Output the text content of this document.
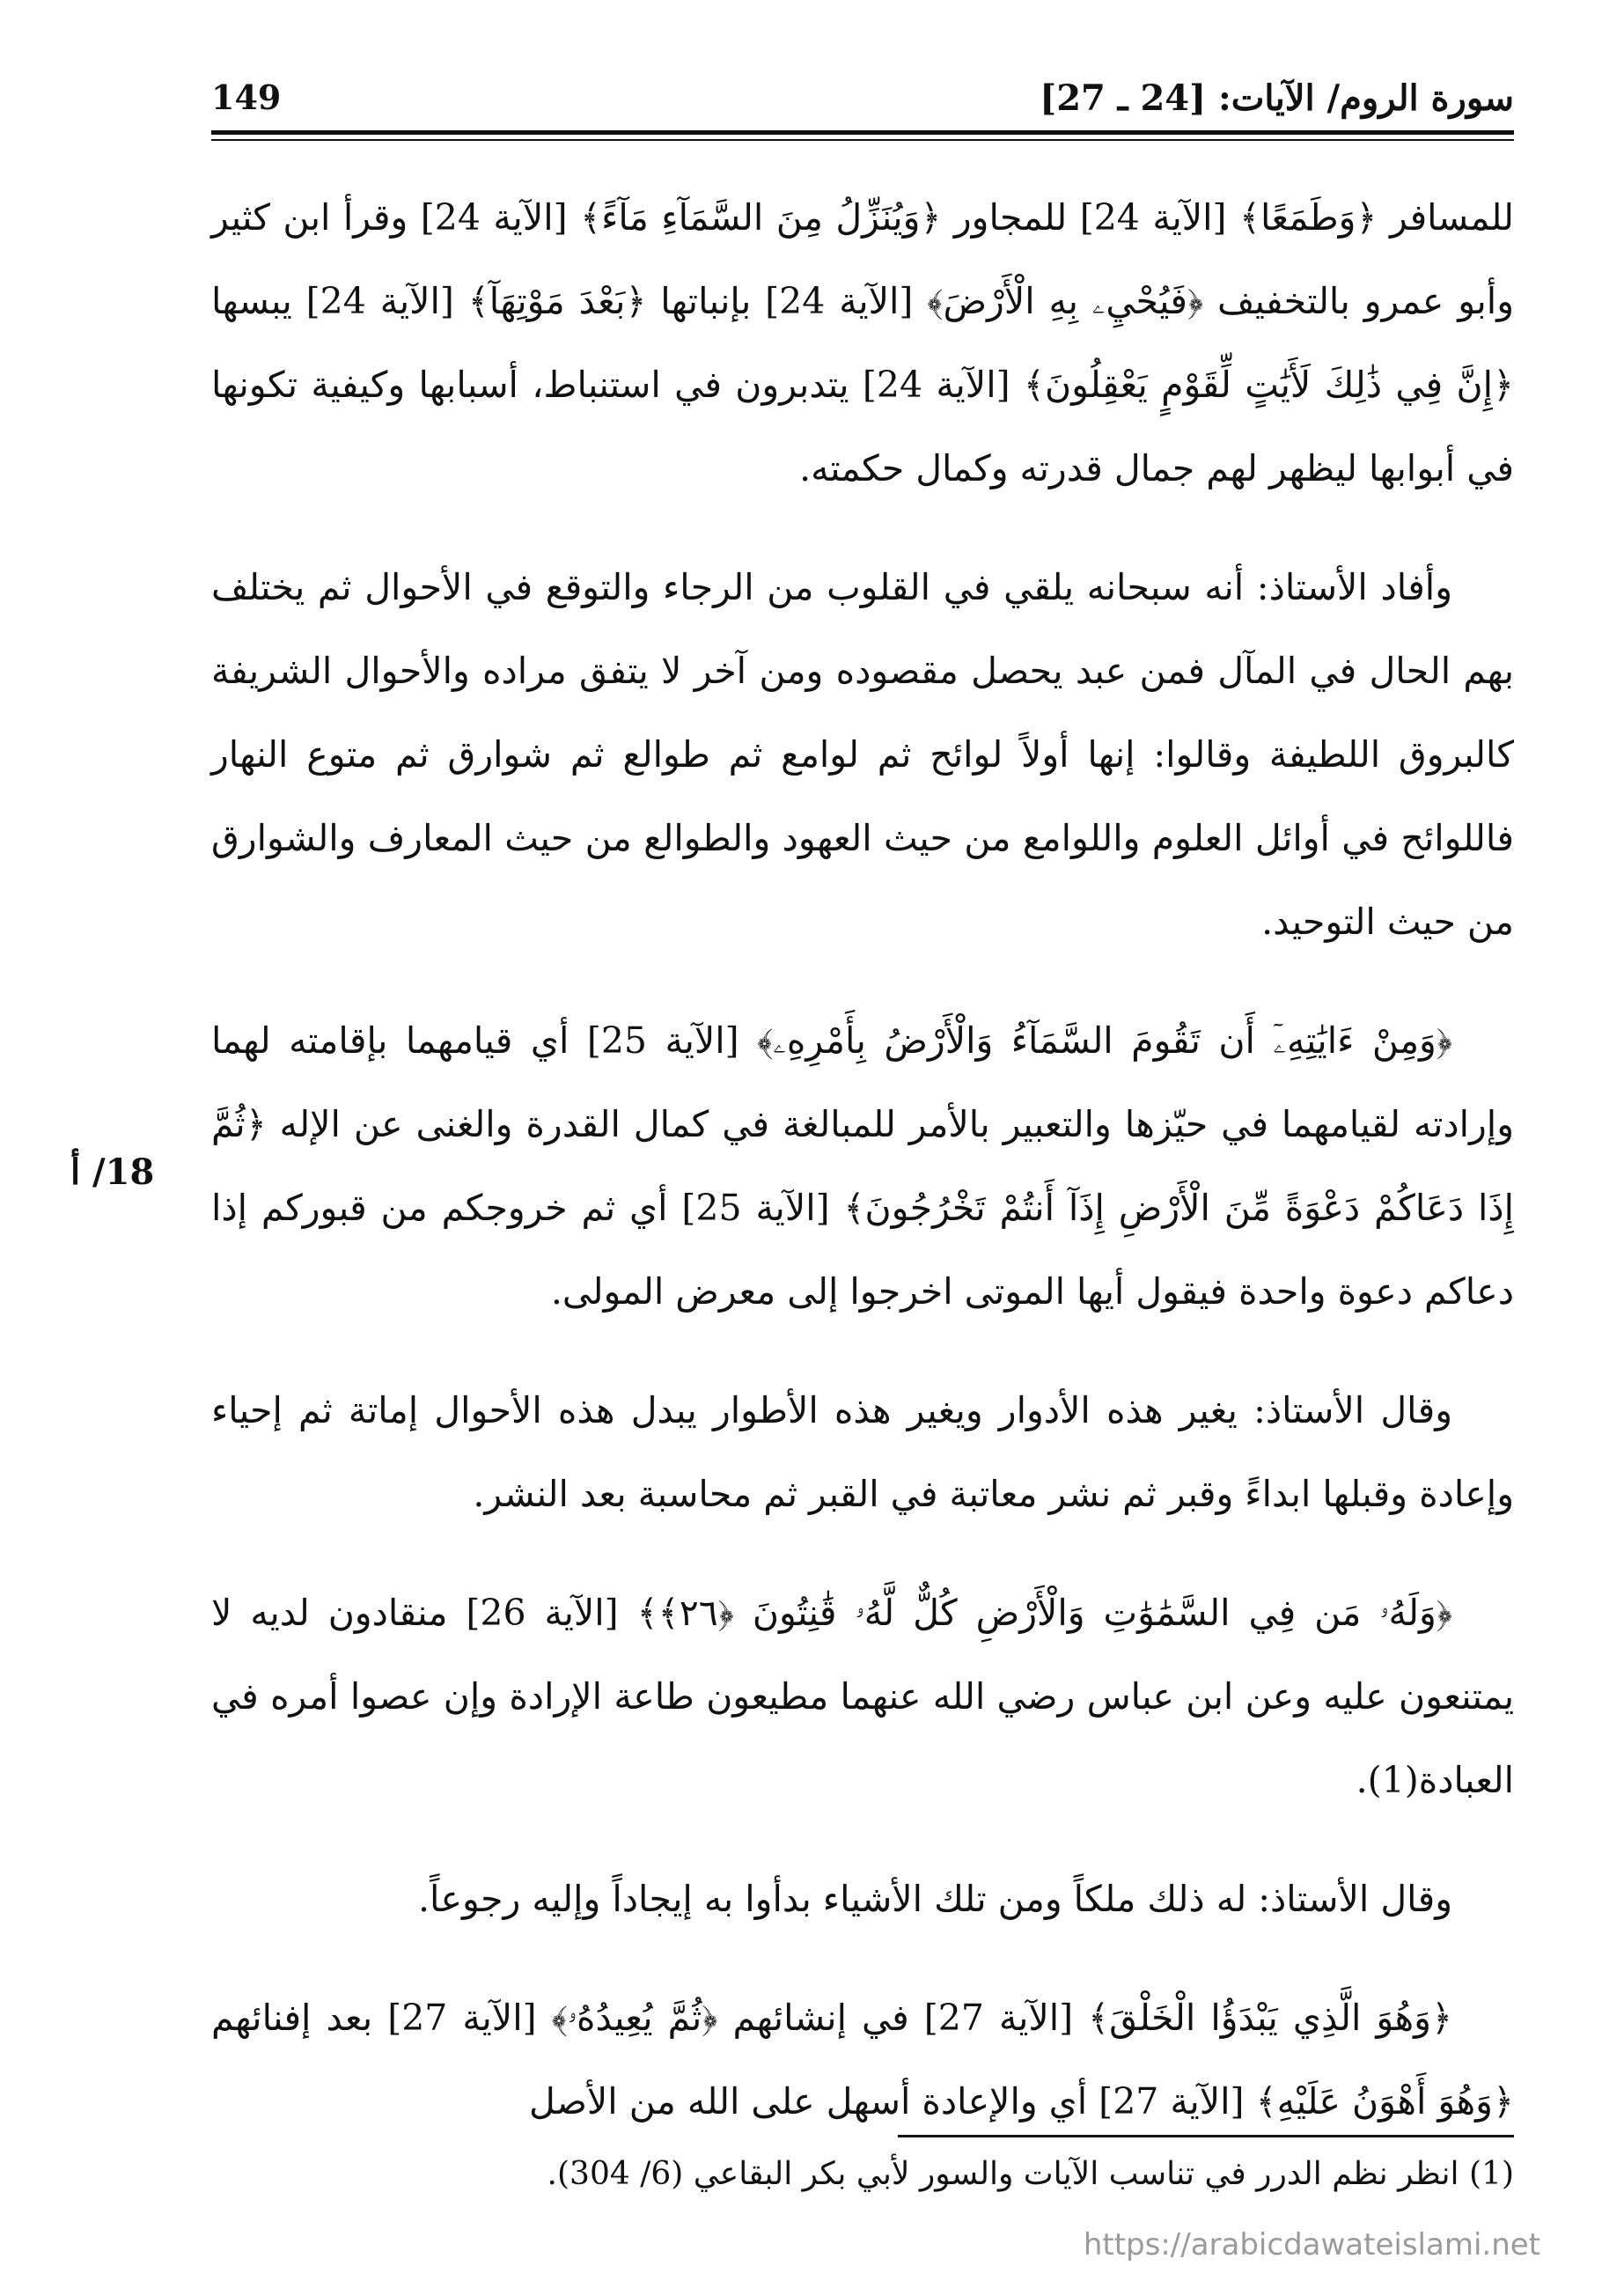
سورة الروم/ الآيات: [24 ـ 27]
149

للمسافر ﴿وَطَمَعًا﴾ [الآية 24] للمجاور ﴿وَيُنَزِّلُ مِنَ السَّمَآءِ مَآءً﴾ [الآية 24] وقرأ ابن كثير وأبو عمرو بالتخفيف ﴿فَيُحْيِۦ بِهِ الْأَرْضَ﴾ [الآية 24] بإنباتها ﴿بَعْدَ مَوْتِهَآ﴾ [الآية 24] يبسها ﴿إِنَّ فِي ذَٰلِكَ لَأَيَٰتٍ لِّقَوْمٍ يَعْقِلُونَ﴾ [الآية 24] يتدبرون في استنباط، أسبابها وكيفية تكونها في أبوابها ليظهر لهم جمال قدرته وكمال حكمته.

وأفاد الأستاذ: أنه سبحانه يلقي في القلوب من الرجاء والتوقع في الأحوال ثم يختلف بهم الحال في المآل فمن عبد يحصل مقصوده ومن آخر لا يتفق مراده والأحوال الشريفة كالبروق اللطيفة وقالوا: إنها أولاً لوائح ثم لوامع ثم طوالع ثم شوارق ثم متوع النهار فاللوائح في أوائل العلوم واللوامع من حيث العهود والطوالع من حيث المعارف والشوارق من حيث التوحيد.

﴿وَمِنْ ءَايَٰتِهِۦٓ أَن تَقُومَ السَّمَآءُ وَالْأَرْضُ بِأَمْرِهِۦ﴾ [الآية 25] أي قيامهما بإقامته لهما وإرادته لقيامهما في حيّزها والتعبير بالأمر للمبالغة في كمال القدرة والغنى عن الإله ﴿ثُمَّ إِذَا دَعَاكُمْ دَعْوَةً مِّنَ الْأَرْضِ إِذَآ أَنتُمْ تَخْرُجُونَ﴾ [الآية 25] أي ثم خروجكم من قبوركم إذا دعاكم دعوة واحدة فيقول أيها الموتى اخرجوا إلى معرض المولى.

وقال الأستاذ: يغير هذه الأدوار ويغير هذه الأطوار يبدل هذه الأحوال إماتة ثم إحياء وإعادة وقبلها ابداءً وقبر ثم نشر معاتبة في القبر ثم محاسبة بعد النشر.

﴿وَلَهُۥ مَن فِي السَّمَٰوَٰتِ وَالْأَرْضِ كُلٌّ لَّهُۥ قَٰنِتُونَ ﴿٢٦﴾﴾ [الآية 26] منقادون لديه لا يمتنعون عليه وعن ابن عباس رضي الله عنهما مطيعون طاعة الإرادة وإن عصوا أمره في العبادة(1).

وقال الأستاذ: له ذلك ملكاً ومن تلك الأشياء بدأوا به إيجاداً وإليه رجوعاً.

﴿وَهُوَ الَّذِي يَبْدَؤُا الْخَلْقَ﴾ [الآية 27] في إنشائهم ﴿ثُمَّ يُعِيدُهُۥ﴾ [الآية 27] بعد إفنائهم ﴿وَهُوَ أَهْوَنُ عَلَيْهِ﴾ [الآية 27] أي والإعادة أسهل على الله من الأصل

18/ أ
(1) انظر نظم الدرر في تناسب الآيات والسور لأبي بكر البقاعي (6/ 304).
https://arabicdawateislami.net
